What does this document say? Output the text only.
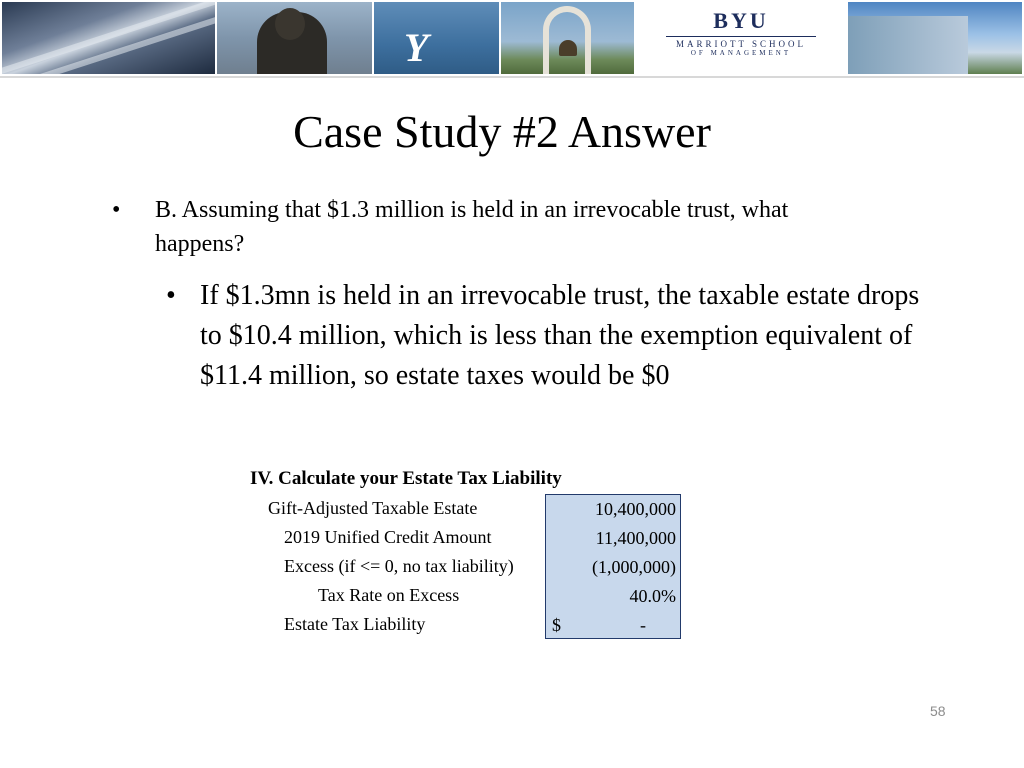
Y
BYU
MARRIOTT SCHOOL
OF MANAGEMENT
Case Study #2 Answer
• B. Assuming that $1.3 million is held in an irrevocable trust, what happens?
• If $1.3mn is held in an irrevocable trust, the taxable estate drops to $10.4 million, which is less than the exemption equivalent of $11.4 million, so estate taxes would be $0
IV. Calculate your Estate Tax Liability
Gift-Adjusted Taxable Estate
2019 Unified Credit Amount
Excess (if <= 0, no tax liability)
Tax Rate on Excess
Estate Tax Liability
10,400,000
11,400,000
(1,000,000)
40.0%
$	-
58
